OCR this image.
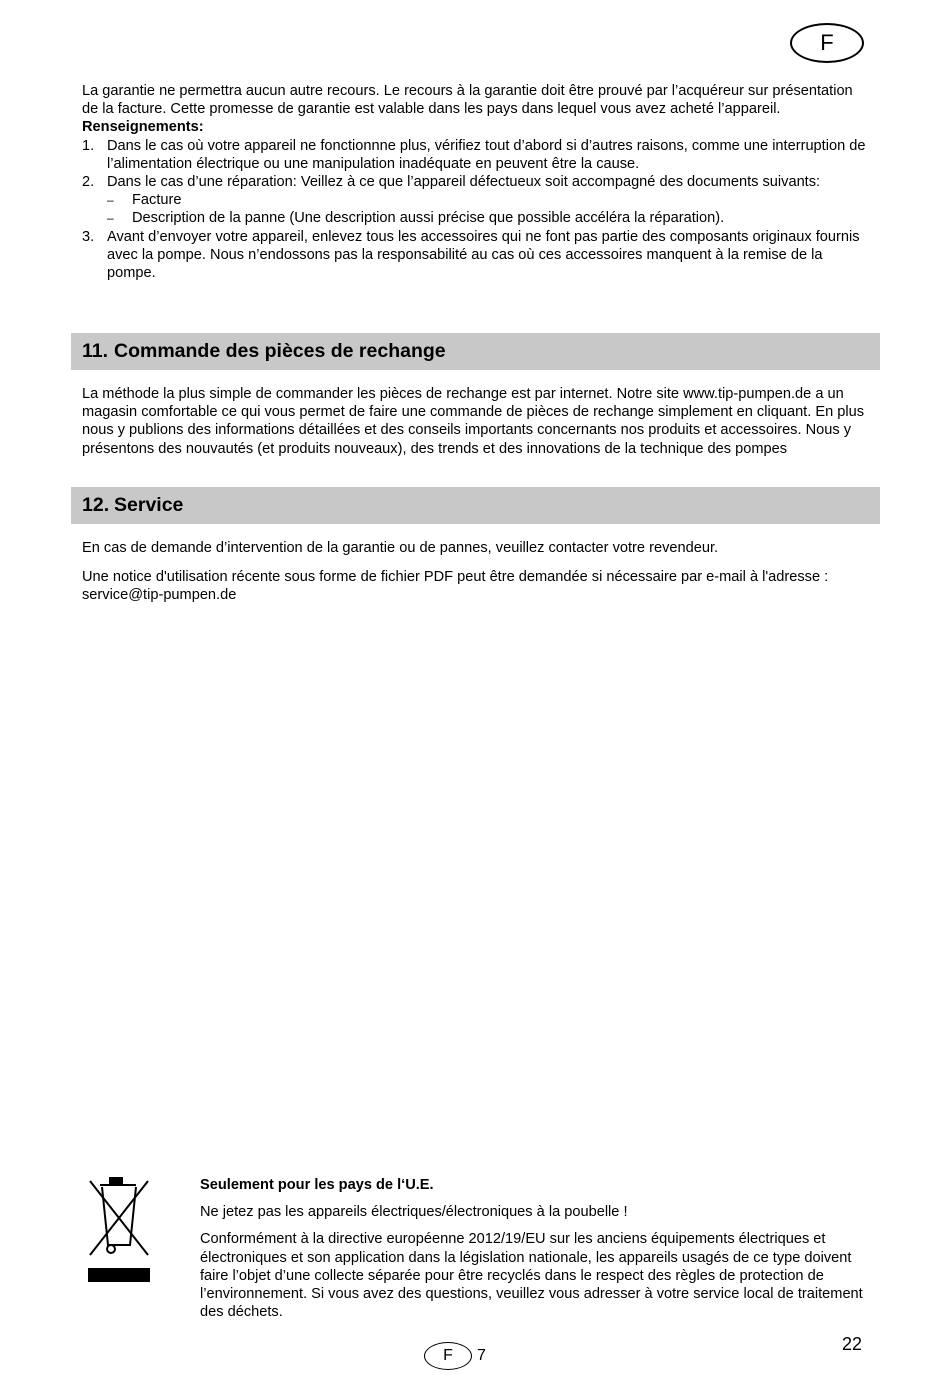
F

La garantie ne permettra aucun autre recours. Le recours à la garantie doit être prouvé par l’acquéreur sur présentation de la facture. Cette promesse de garantie est valable dans les pays dans lequel vous avez acheté l’appareil.

Renseignements:

1. Dans le cas où votre appareil ne fonctionnne plus, vérifiez tout d’abord si d’autres raisons, comme une interruption de l’alimentation électrique ou une manipulation inadéquate en peuvent être la cause.
2. Dans le cas d’une réparation: Veillez à ce que l’appareil défectueux soit accompagné des documents suivants:
– Facture
– Description de la panne (Une description aussi précise que possible accéléra la réparation).
3. Avant d’envoyer votre appareil, enlevez tous les accessoires qui ne font pas partie des composants originaux fournis avec la pompe. Nous n’endossons pas la responsabilité au cas où ces accessoires manquent à la remise de la pompe.
11. Commande des pièces de rechange

La méthode la plus simple de commander les pièces de rechange est par internet. Notre site www.tip-pumpen.de a un magasin comfortable ce qui vous permet de faire une commande de pièces de rechange simplement en cliquant. En plus nous y publions des informations détaillées et des conseils importants concernants nos produits et accessoires. Nous y présentons des nouvautés (et produits nouveaux), des trends et des innovations de la technique des pompes

12. Service

En cas de demande d’intervention de la garantie ou de pannes, veuillez contacter votre revendeur.

Une notice d'utilisation récente sous forme de fichier PDF peut être demandée si nécessaire par e-mail à l'adresse : service@tip-pumpen.de

Seulement pour les pays de l‘U.E.

Ne jetez pas les appareils électriques/électroniques à la poubelle !

Conformément à la directive européenne 2012/19/EU sur les anciens équipements électriques et électroniques et son application dans la législation nationale, les appareils usagés de ce type doivent faire l’objet d’une collecte séparée pour être recyclés dans le respect des règles de protection de l’environnement. Si vous avez des questions, veuillez vous adresser à votre service local de traitement des déchets.

22
F 7
